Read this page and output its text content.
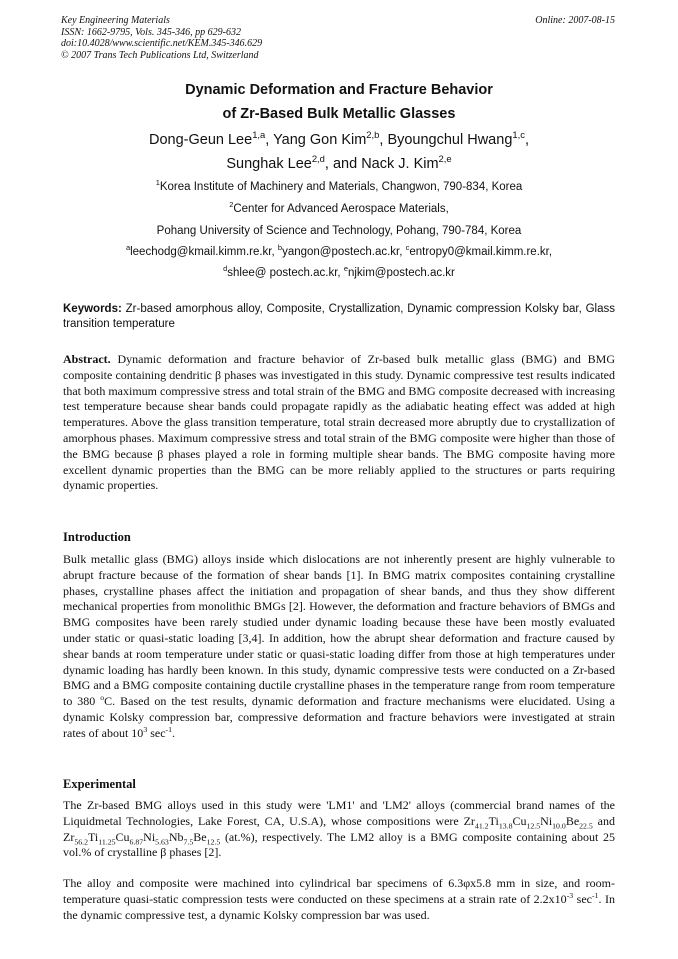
Key Engineering Materials
ISSN: 1662-9795, Vols. 345-346, pp 629-632
doi:10.4028/www.scientific.net/KEM.345-346.629
© 2007 Trans Tech Publications Ltd, Switzerland
Online: 2007-08-15
Dynamic Deformation and Fracture Behavior
of Zr-Based Bulk Metallic Glasses
Dong-Geun Lee$^{1,a}$, Yang Gon Kim$^{2,b}$, Byoungchul Hwang$^{1,c}$,
Sunghak Lee$^{2,d}$, and Nack J. Kim$^{2,e}$
$^1$Korea Institute of Machinery and Materials, Changwon, 790-834, Korea
$^2$Center for Advanced Aerospace Materials,
Pohang University of Science and Technology, Pohang, 790-784, Korea
$^a$leechodg@kmail.kimm.re.kr, $^b$yangon@postech.ac.kr, $^c$entropy0@kmail.kimm.re.kr,
$^d$shlee@ postech.ac.kr, $^e$njkim@postech.ac.kr
Keywords: Zr-based amorphous alloy, Composite, Crystallization, Dynamic compression Kolsky bar, Glass transition temperature

Abstract. Dynamic deformation and fracture behavior of Zr-based bulk metallic glass (BMG) and BMG composite containing dendritic β phases was investigated in this study. Dynamic compressive test results indicated that both maximum compressive stress and total strain of the BMG and BMG composite decreased with increasing test temperature because shear bands could propagate rapidly as the adiabatic heating effect was added at high temperatures. Above the glass transition temperature, total strain decreased more abruptly due to crystallization of amorphous phases. Maximum compressive stress and total strain of the BMG composite were higher than those of the BMG because β phases played a role in forming multiple shear bands. The BMG composite having more excellent dynamic properties than the BMG can be more reliably applied to the structures or parts requiring dynamic properties.

Introduction

Bulk metallic glass (BMG) alloys inside which dislocations are not inherently present are highly vulnerable to abrupt fracture because of the formation of shear bands [1]. In BMG matrix composites containing crystalline phases, crystalline phases affect the initiation and propagation of shear bands, and thus they show different mechanical properties from monolithic BMGs [2]. However, the deformation and fracture behaviors of BMGs and BMG composites have been rarely studied under dynamic loading because these have been mostly evaluated under static or quasi-static loading [3,4]. In addition, how the abrupt shear deformation and fracture caused by shear bands at room temperature under static or quasi-static loading differ from those at high temperatures under dynamic loading has hardly been known. In this study, dynamic compressive tests were conducted on a Zr-based BMG and a BMG composite containing ductile crystalline phases in the temperature range from room temperature to 380 $^o$C. Based on the test results, dynamic deformation and fracture mechanisms were elucidated. Using a dynamic Kolsky compression bar, compressive deformation and fracture behaviors were investigated at strain rates of about $10^3$ $\sec^{-1}$.

Experimental

The Zr-based BMG alloys used in this study were 'LM1' and 'LM2' alloys (commercial brand names of the Liquidmetal Technologies, Lake Forest, CA, U.S.A), whose compositions were $Zr_{41.2}Ti_{13.8}Cu_{12.5}Ni_{10.0}Be_{22.5}$ and $Zr_{56.2}Ti_{11.25}Cu_{6.87}Ni_{5.63}Nb_{7.5}Be_{12.5}$ (at.%), respectively. The LM2 alloy is a BMG composite containing about 25 vol.% of crystalline β phases [2].

The alloy and composite were machined into cylindrical bar specimens of 6.3φx5.8 mm in size, and room-temperature quasi-static compression tests were conducted on these specimens at a strain rate of $2.2x10^{-3}$ $\sec^{-1}$. In the dynamic compressive test, a dynamic Kolsky compression bar was used.
